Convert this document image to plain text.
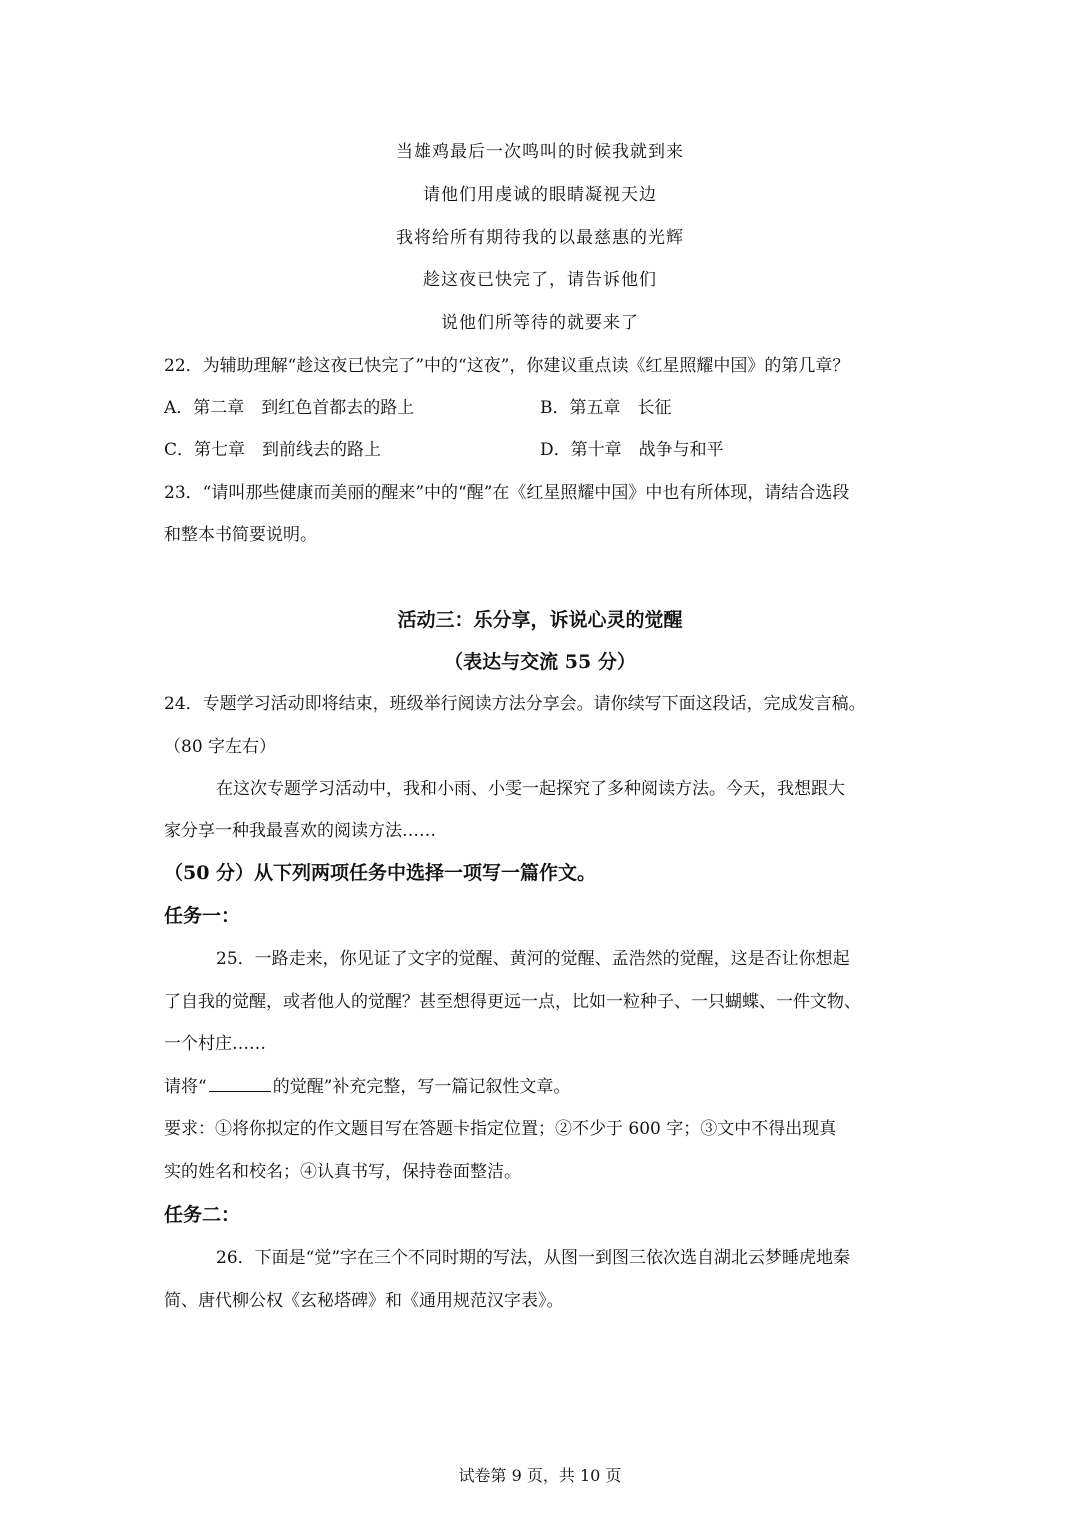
当雄鸡最后一次鸣叫的时候我就到来
请他们用虔诚的眼睛凝视天边
我将给所有期待我的以最慈惠的光辉
趁这夜已快完了，请告诉他们
说他们所等待的就要来了
22．为辅助理解“趁这夜已快完了”中的“这夜”，你建议重点读《红星照耀中国》的第几章？
A．第二章　到红色首都去的路上	B．第五章　长征
C．第七章　到前线去的路上	D．第十章　战争与和平
23．“请叫那些健康而美丽的醒来”中的“醒”在《红星照耀中国》中也有所体现，请结合选段
和整本书简要说明。
活动三：乐分享，诉说心灵的觉醒
（表达与交流 55 分）
24．专题学习活动即将结束，班级举行阅读方法分享会。请你续写下面这段话，完成发言稿。
（80 字左右）
在这次专题学习活动中，我和小雨、小雯一起探究了多种阅读方法。今天，我想跟大
家分享一种我最喜欢的阅读方法……
（50 分）从下列两项任务中选择一项写一篇作文。
任务一：
25．一路走来，你见证了文字的觉醒、黄河的觉醒、孟浩然的觉醒，这是否让你想起
了自我的觉醒，或者他人的觉醒？甚至想得更远一点，比如一粒种子、一只蝴蝶、一件文物、
一个村庄……
请将“	的觉醒”补充完整，写一篇记叙性文章。
要求：①将你拟定的作文题目写在答题卡指定位置；②不少于 600 字；③文中不得出现真
实的姓名和校名；④认真书写，保持卷面整洁。
任务二：
26．下面是“觉”字在三个不同时期的写法，从图一到图三依次选自湖北云梦睡虎地秦
简、唐代柳公权《玄秘塔碑》和《通用规范汉字表》。
试卷第 9 页，共 10 页
